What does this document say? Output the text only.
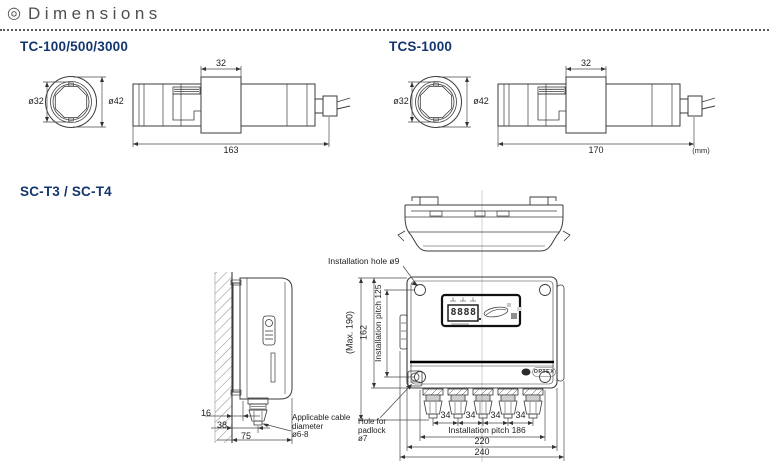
◎ Dimensions
TC-100/500/3000
ø32	ø42
32
163
TCS-1000
ø32	ø42
32
170	(mm)
SC-T3 / SC-T4
Installation hole ø9
(Max. 190) 162 Installation pitch 125
16
38
75
Applicable cable
diameter
ø6-8
Hole for
padlock
ø7
34	34	34	34
Installation pitch 186
220
240
8888
OPTEX
